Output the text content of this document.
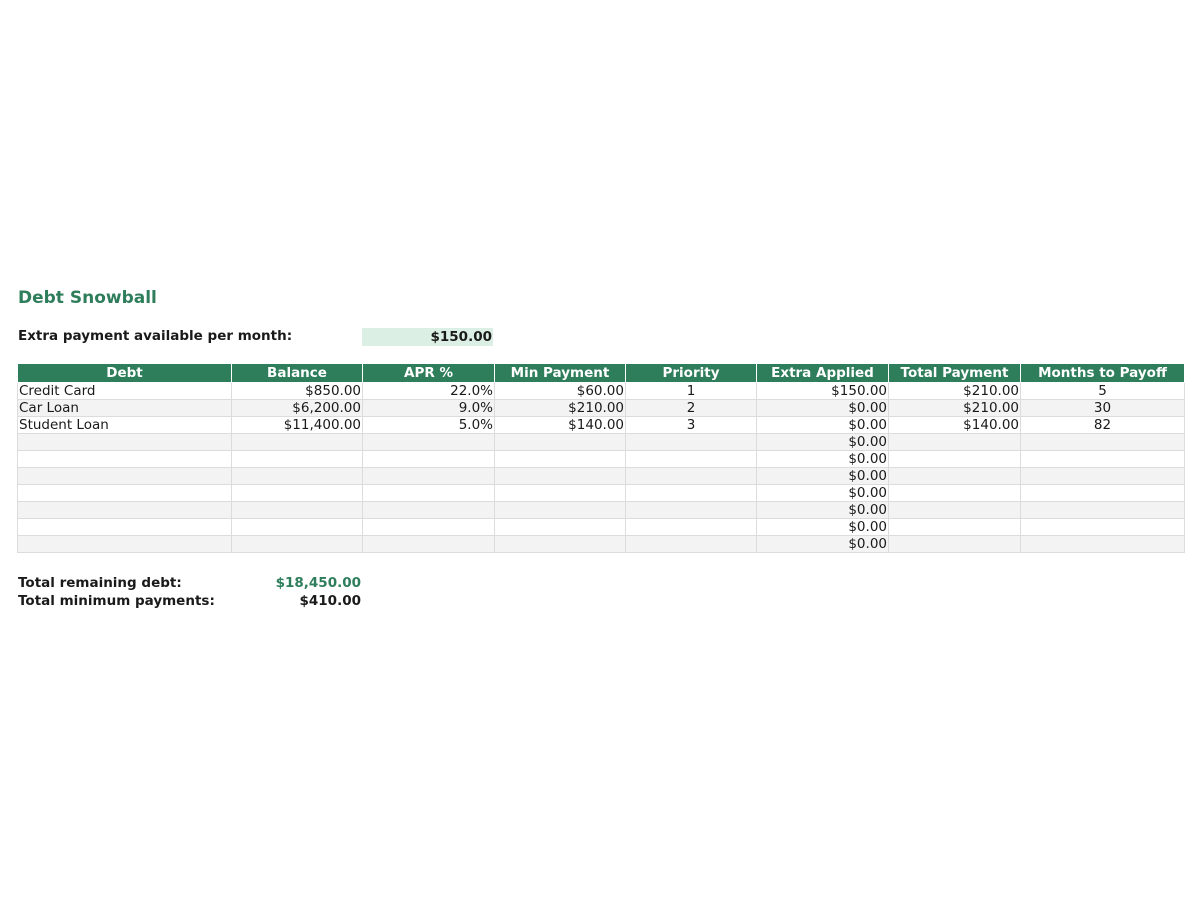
Debt Snowball
Extra payment available per month:	$150.00
Debt	Balance	APR %	Min Payment	Priority	Extra Applied	Total Payment	Months to Payoff
Credit Card	$850.00	22.0%	$60.00	1	$150.00	$210.00	5
Car Loan	$6,200.00	9.0%	$210.00	2	$0.00	$210.00	30
Student Loan	$11,400.00	5.0%	$140.00	3	$0.00	$140.00	82
					$0.00		
					$0.00		
					$0.00		
					$0.00		
					$0.00		
					$0.00		
					$0.00		
Total remaining debt:	$18,450.00
Total minimum payments:	$410.00
